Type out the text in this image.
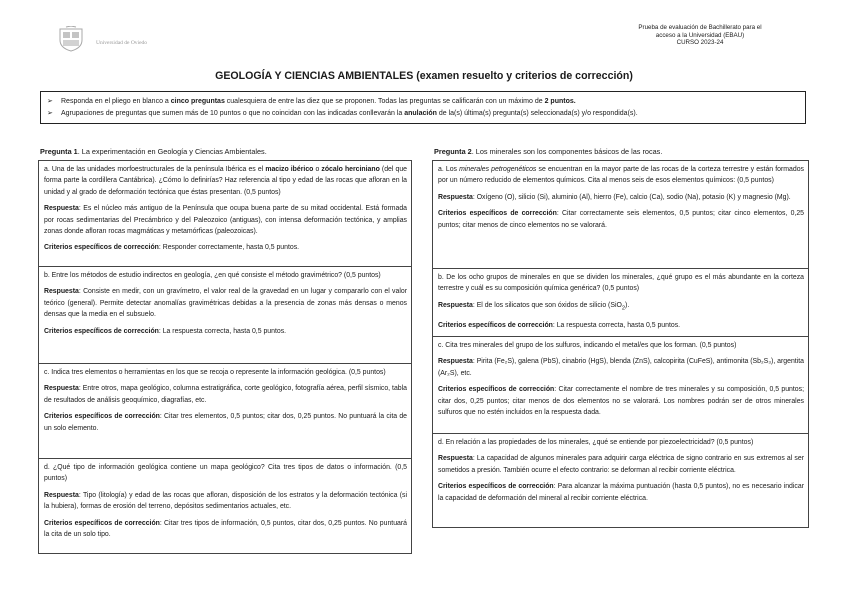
Universidad de Oviedo
Prueba de evaluación de Bachillerato para el
acceso a la Universidad (EBAU)
CURSO 2023-24
GEOLOGÍA Y CIENCIAS AMBIENTALES (examen resuelto y criterios de corrección)
➢ Responda en el pliego en blanco a cinco preguntas cualesquiera de entre las diez que se proponen. Todas las preguntas se calificarán con un máximo de 2 puntos.
➢ Agrupaciones de preguntas que sumen más de 10 puntos o que no coincidan con las indicadas conllevarán la anulación de la(s) última(s) pregunta(s) seleccionada(s) y/o respondida(s).
Pregunta 1. La experimentación en Geología y Ciencias Ambientales.

a. Una de las unidades morfoestructurales de la península Ibérica es el macizo ibérico o zócalo herciniano (del que forma parte la cordillera Cantábrica). ¿Cómo lo definirías? Haz referencia al tipo y edad de las rocas que afloran en la unidad y al grado de deformación tectónica que éstas presentan. (0,5 puntos)

Respuesta: Es el núcleo más antiguo de la Península que ocupa buena parte de su mitad occidental. Está formada por rocas sedimentarias del Precámbrico y del Paleozoico (antiguas), con intensa deformación tectónica, y amplias zonas donde afloran rocas magmáticas y metamórficas (paleozoicas).

Criterios específicos de corrección: Responder correctamente, hasta 0,5 puntos.

b. Entre los métodos de estudio indirectos en geología, ¿en qué consiste el método gravimétrico? (0,5 puntos)

Respuesta: Consiste en medir, con un gravímetro, el valor real de la gravedad en un lugar y compararlo con el valor teórico (general). Permite detectar anomalías gravimétricas debidas a la presencia de zonas más densas o menos densas que la media en el subsuelo.

Criterios específicos de corrección: La respuesta correcta, hasta 0,5 puntos.

c. Indica tres elementos o herramientas en los que se recoja o represente la información geológica. (0,5 puntos)

Respuesta: Entre otros, mapa geológico, columna estratigráfica, corte geológico, fotografía aérea, perfil sísmico, tabla de resultados de análisis geoquímico, diagrafías, etc.

Criterios específicos de corrección: Citar tres elementos, 0,5 puntos; citar dos, 0,25 puntos. No puntuará la cita de un solo elemento.

d. ¿Qué tipo de información geológica contiene un mapa geológico? Cita tres tipos de datos o información. (0,5 puntos)

Respuesta: Tipo (litología) y edad de las rocas que afloran, disposición de los estratos y la deformación tectónica (si la hubiera), formas de erosión del terreno, depósitos sedimentarios actuales, etc.

Criterios específicos de corrección: Citar tres tipos de información, 0,5 puntos, citar dos, 0,25 puntos. No puntuará la cita de un solo tipo.

Pregunta 2. Los minerales son los componentes básicos de las rocas.

a. Los minerales petrogenéticos se encuentran en la mayor parte de las rocas de la corteza terrestre y están formados por un número reducido de elementos químicos. Cita al menos seis de esos elementos químicos: (0,5 puntos)

Respuesta: Oxígeno (O), silicio (Si), aluminio (Al), hierro (Fe), calcio (Ca), sodio (Na), potasio (K) y magnesio (Mg).

Criterios específicos de corrección: Citar correctamente seis elementos, 0,5 puntos; citar cinco elementos, 0,25 puntos; citar menos de cinco elementos no se valorará.

b. De los ocho grupos de minerales en que se dividen los minerales, ¿qué grupo es el más abundante en la corteza terrestre y cuál es su composición química genérica? (0,5 puntos)

Respuesta: El de los silicatos que son óxidos de silicio (SiO$_2$).

Criterios específicos de corrección: La respuesta correcta, hasta 0,5 puntos.

c. Cita tres minerales del grupo de los sulfuros, indicando el metal/es que los forman. (0,5 puntos)

Respuesta: Pirita (Fe₂S), galena (PbS), cinabrio (HgS), blenda (ZnS), calcopirita (CuFeS), antimonita (Sb₂S₃), argentita (Ar₂S), etc.

Criterios específicos de corrección: Citar correctamente el nombre de tres minerales y su composición, 0,5 puntos; citar dos, 0,25 puntos; citar menos de dos elementos no se valorará. Los nombres podrán ser de otros minerales sulfuros que no estén incluidos en la respuesta dada.

d. En relación a las propiedades de los minerales, ¿qué se entiende por piezoelectricidad? (0,5 puntos)

Respuesta: La capacidad de algunos minerales para adquirir carga eléctrica de signo contrario en sus extremos al ser sometidos a presión. También ocurre el efecto contrario: se deforman al recibir corriente eléctrica.

Criterios específicos de corrección: Para alcanzar la máxima puntuación (hasta 0,5 puntos), no es necesario indicar la capacidad de deformación del mineral al recibir corriente eléctrica.
